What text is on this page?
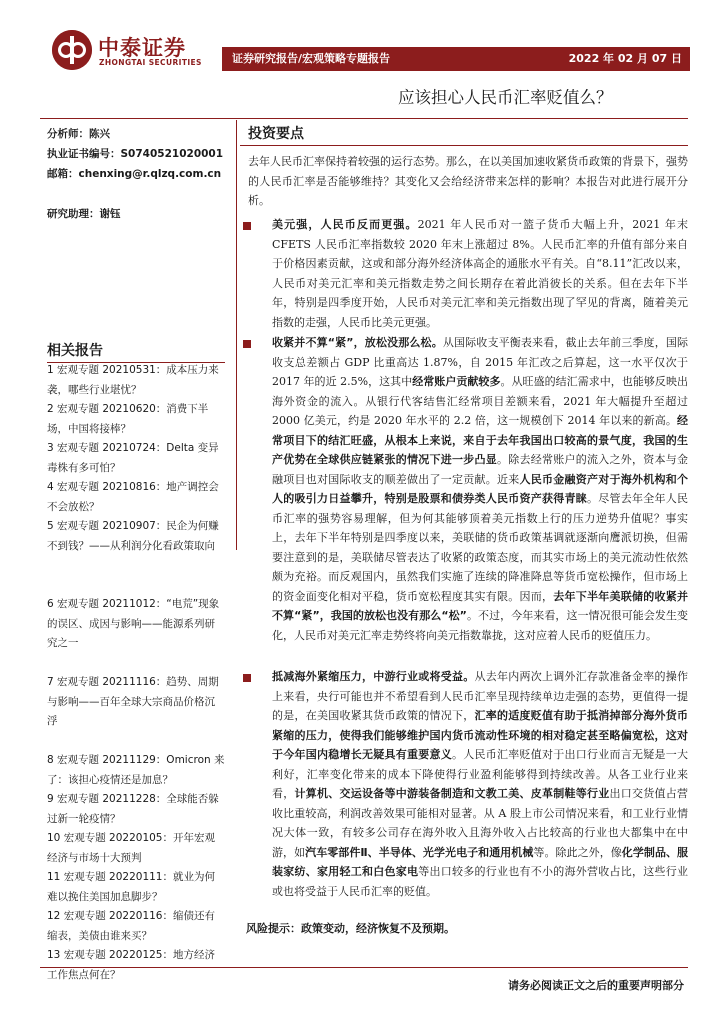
中泰证券
ZHONGTAI SECURITIES	证券研究报告/宏观策略专题报告	2022 年 02 月 07 日
应该担心人民币汇率贬值么？
分析师：陈兴
执业证书编号：S0740521020001
邮箱：chenxing@r.qlzq.com.cn
研究助理：谢钰
相关报告
1 宏观专题 20210531：成本压力来袭，哪些行业堪忧？
2 宏观专题 20210620：消费下半场，中国将接棒？
3 宏观专题 20210724：Delta 变异毒株有多可怕？
4 宏观专题 20210816：地产调控会不会放松？
5 宏观专题 20210907：民企为何赚不到钱？——从利润分化看政策取向
6 宏观专题 20211012：“电荒”现象的误区、成因与影响——能源系列研究之一
7 宏观专题 20211116：趋势、周期与影响——百年全球大宗商品价格沉浮
8 宏观专题 20211129：Omicron 来了：该担心疫情还是加息？
9 宏观专题 20211228：全球能否躲过新一轮疫情？
10 宏观专题 20220105：开年宏观经济与市场十大预判
11 宏观专题 20220111：就业为何难以挽住美国加息脚步？
12 宏观专题 20220116：缩债还有缩表，美债由谁来买？
13 宏观专题 20220125：地方经济工作焦点何在？
投资要点
去年人民币汇率保持着较强的运行态势。那么，在以美国加速收紧货币政策的背景下，强势的人民币汇率是否能够维持？其变化又会给经济带来怎样的影响？本报告对此进行展开分析。
美元强，人民币反而更强。2021 年人民币对一篮子货币大幅上升，2021 年末 CFETS 人民币汇率指数较 2020 年末上涨超过 8%。人民币汇率的升值有部分来自于价格因素贡献，这或和部分海外经济体高企的通胀水平有关。自“8.11”汇改以来，人民币对美元汇率和美元指数走势之间长期存在着此消彼长的关系。但在去年下半年，特别是四季度开始，人民币对美元汇率和美元指数出现了罕见的背离，随着美元指数的走强，人民币比美元更强。
收紧并不算“紧”，放松没那么松。从国际收支平衡表来看，截止去年前三季度，国际收支总差额占 GDP 比重高达 1.87%，自 2015 年汇改之后算起，这一水平仅次于 2017 年的近 2.5%，这其中经常账户贡献较多。从旺盛的结汇需求中，也能够反映出海外资金的流入。从银行代客结售汇经常项目差额来看，2021 年大幅提升至超过 2000 亿美元，约是 2020 年水平的 2.2 倍，这一规模创下 2014 年以来的新高。经常项目下的结汇旺盛，从根本上来说，来自于去年我国出口较高的景气度，我国的生产优势在全球供应链紧张的情况下进一步凸显。除去经常账户的流入之外，资本与金融项目也对国际收支的顺差做出了一定贡献。近来人民币金融资产对于海外机构和个人的吸引力日益攀升，特别是股票和债券类人民币资产获得青睐。尽管去年全年人民币汇率的强势容易理解，但为何其能够顶着美元指数上行的压力逆势升值呢？事实上，去年下半年特别是四季度以来，美联储的货币政策基调就逐渐向鹰派切换，但需要注意到的是，美联储尽管表达了收紧的政策态度，而其实市场上的美元流动性依然颇为充裕。而反观国内，虽然我们实施了连续的降准降息等货币宽松操作，但市场上的资金面变化相对平稳，货币宽松程度其实有限。因而，去年下半年美联储的收紧并不算“紧”，我国的放松也没有那么“松”。不过，今年来看，这一情况很可能会发生变化，人民币对美元汇率走势终将向美元指数靠拢，这对应着人民币的贬值压力。
抵减海外紧缩压力，中游行业或将受益。从去年内两次上调外汇存款准备金率的操作上来看，央行可能也并不希望看到人民币汇率呈现持续单边走强的态势，更值得一提的是，在美国收紧其货币政策的情况下，汇率的适度贬值有助于抵消掉部分海外货币紧缩的压力，使得我们能够维护国内货币流动性环境的相对稳定甚至略偏宽松，这对于今年国内稳增长无疑具有重要意义。人民币汇率贬值对于出口行业而言无疑是一大利好，汇率变化带来的成本下降使得行业盈利能够得到持续改善。从各工业行业来看，计算机、交运设备等中游装备制造和文教工美、皮革制鞋等行业出口交货值占营收比重较高，利润改善效果可能相对显著。从 A 股上市公司情况来看，和工业行业情况大体一致，有较多公司存在海外收入且海外收入占比较高的行业也大都集中在中游，如汽车零部件Ⅱ、半导体、光学光电子和通用机械等。除此之外，像化学制品、服装家纺、家用轻工和白色家电等出口较多的行业也有不小的海外营收占比，这些行业或也将受益于人民币汇率的贬值。
风险提示：政策变动，经济恢复不及预期。
请务必阅读正文之后的重要声明部分
